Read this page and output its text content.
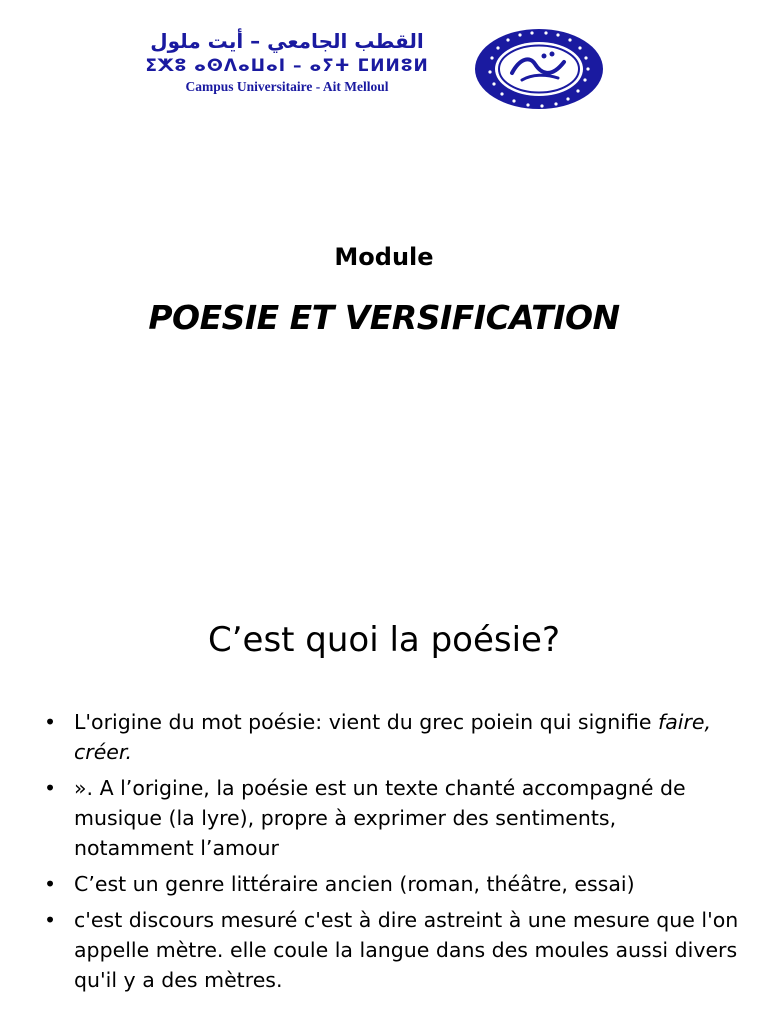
القطب الجامعي – أيت ملول
ⵉⵅⵓ ⴰⵙⴷⴰⵡⴰⵏ – ⴰⵢⵜ ⵎⵍⵍⵓⵍ
Campus Universitaire - Ait Melloul
Module
POESIE ET VERSIFICATION
C’est quoi la poésie?
• L'origine du mot poésie: vient du grec poiein qui signifie faire, créer.
• ». A l’origine, la poésie est un texte chanté accompagné de musique (la lyre), propre à exprimer des sentiments, notamment l’amour
• C’est un genre littéraire ancien (roman, théâtre, essai)
• c'est discours mesuré c'est à dire astreint à une mesure que l'on appelle mètre. elle coule la langue dans des moules aussi divers qu'il y a des mètres.
